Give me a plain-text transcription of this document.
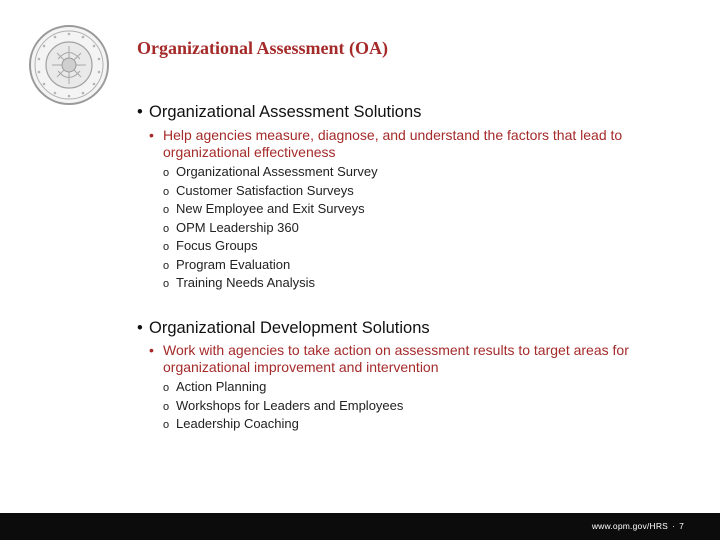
Organizational Assessment (OA)
• Organizational Assessment Solutions
• Help agencies measure, diagnose, and understand the factors that lead to organizational effectiveness
o Organizational Assessment Survey
o Customer Satisfaction Surveys
o New Employee and Exit Surveys
o OPM Leadership 360
o Focus Groups
o Program Evaluation
o Training Needs Analysis
• Organizational Development Solutions
• Work with agencies to take action on assessment results to target areas for organizational improvement and intervention
o Action Planning
o Workshops for Leaders and Employees
o Leadership Coaching
www.opm.gov/HRS · 7
